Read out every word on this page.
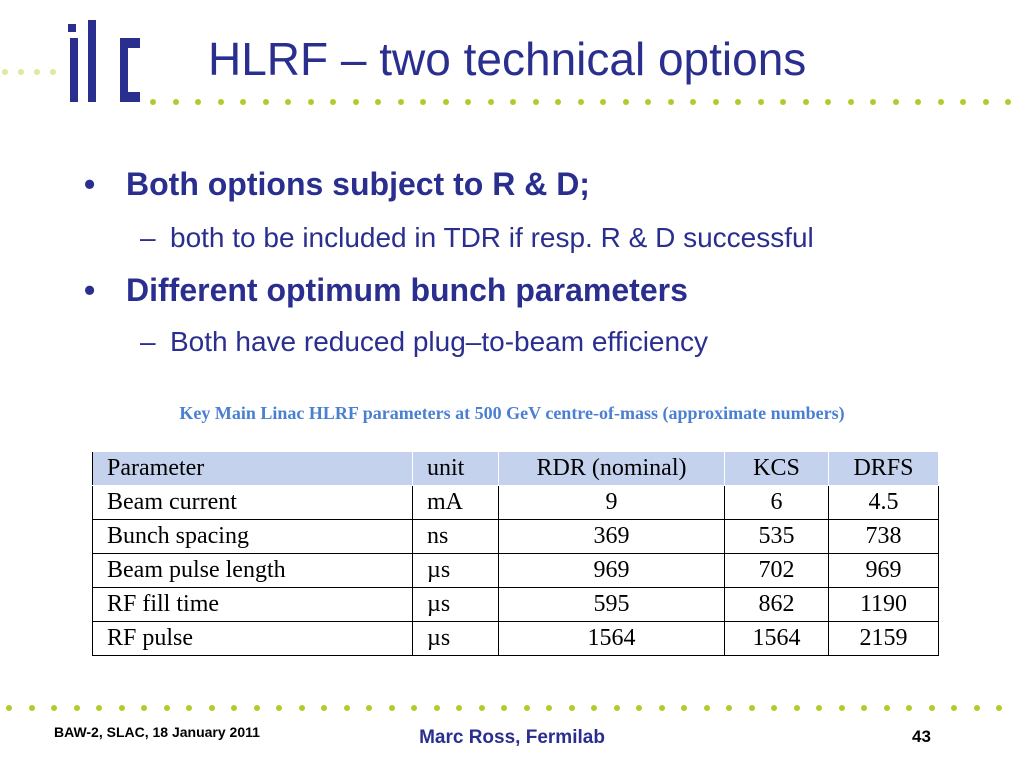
HLRF – two technical options
• Both options subject to R & D;
– both to be included in TDR if resp. R & D successful
• Different optimum bunch parameters
– Both have reduced plug–to-beam efficiency
Key Main Linac HLRF parameters at 500 GeV centre-of-mass (approximate numbers)
Parameter	unit	RDR (nominal)	KCS	DRFS
Beam current	mA	9	6	4.5
Bunch spacing	ns	369	535	738
Beam pulse length	µs	969	702	969
RF fill time	µs	595	862	1190
RF pulse	µs	1564	1564	2159
BAW-2, SLAC, 18 January 2011	Marc Ross, Fermilab	43
